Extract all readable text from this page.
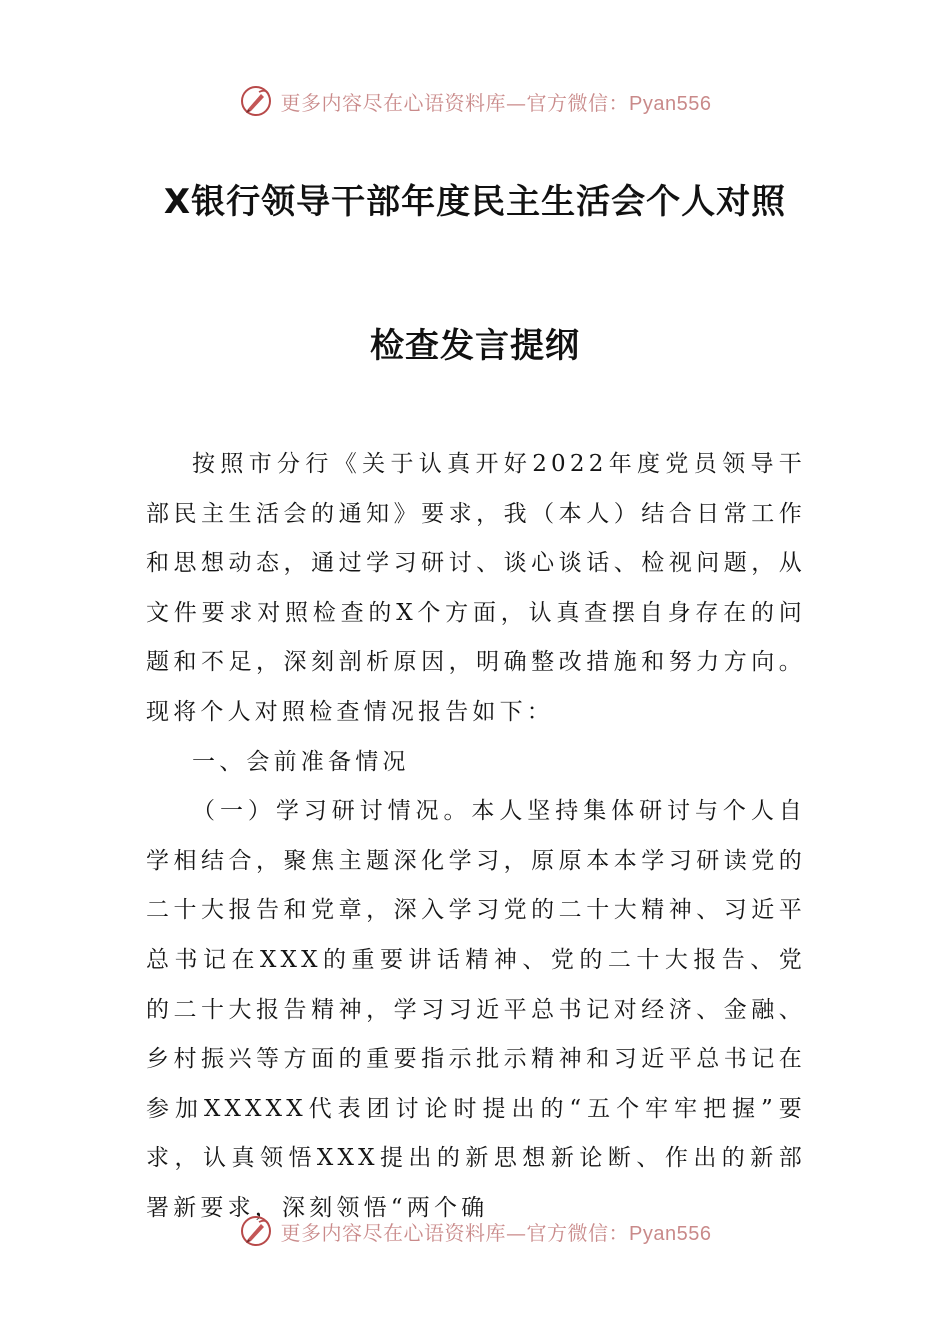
更多内容尽在心语资料库—官方微信：Pyan556
X银行领导干部年度民主生活会个人对照
检查发言提纲

按照市分行《关于认真开好2022年度党员领导干部民主生活会的通知》要求，我（本人）结合日常工作和思想动态，通过学习研讨、谈心谈话、检视问题，从文件要求对照检查的X个方面，认真查摆自身存在的问题和不足，深刻剖析原因，明确整改措施和努力方向。现将个人对照检查情况报告如下：

一、会前准备情况

（一）学习研讨情况。本人坚持集体研讨与个人自学相结合，聚焦主题深化学习，原原本本学习研读党的二十大报告和党章，深入学习党的二十大精神、习近平总书记在XXX的重要讲话精神、党的二十大报告、党的二十大报告精神，学习习近平总书记对经济、金融、乡村振兴等方面的重要指示批示精神和习近平总书记在参加XXXXX代表团讨论时提出的“五个牢牢把握”要求，认真领悟XXX提出的新思想新论断、作出的新部署新要求，深刻领悟“两个确

更多内容尽在心语资料库—官方微信：Pyan556
